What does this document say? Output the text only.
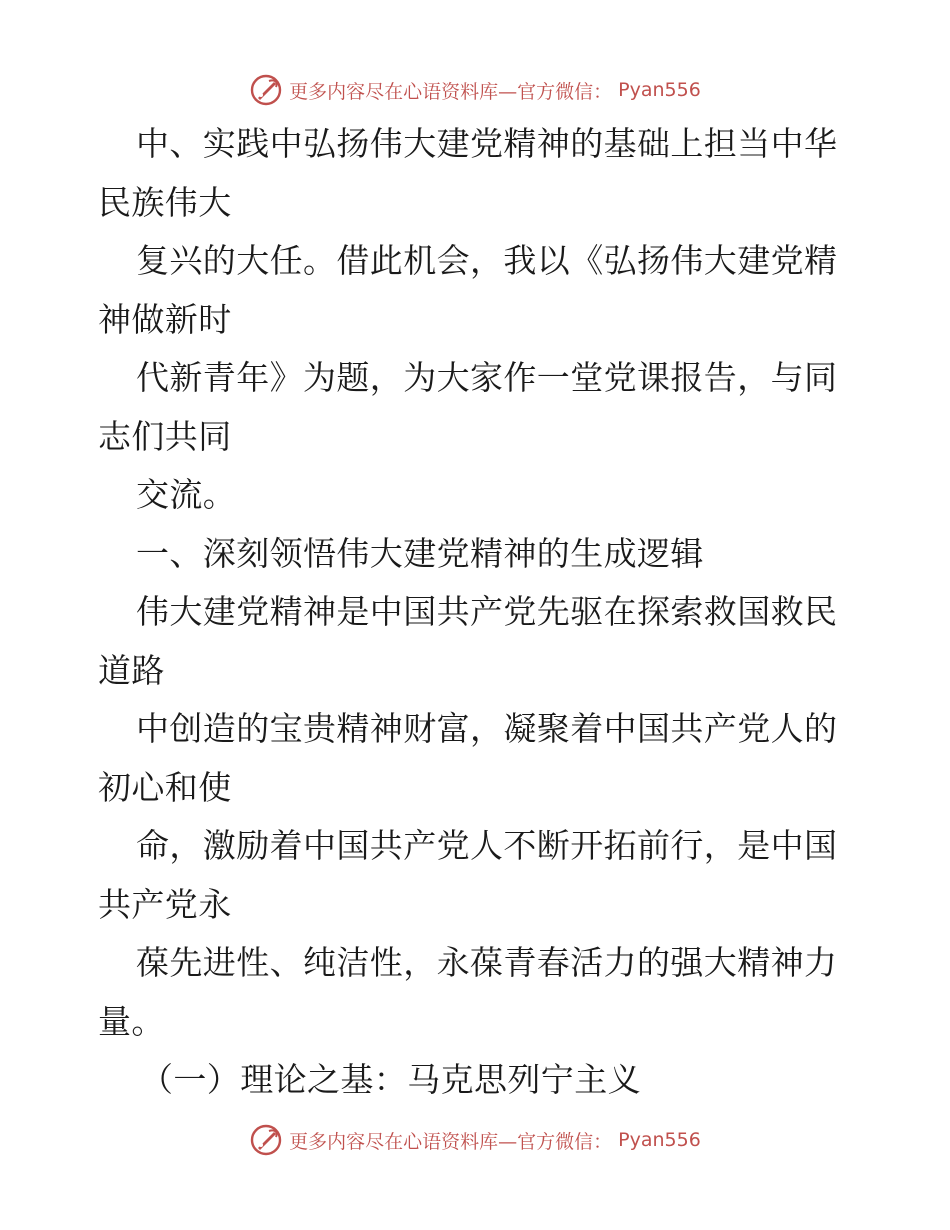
更多内容尽在心语资料库—官方微信： Pyan556
中、实践中弘扬伟大建党精神的基础上担当中华
民族伟大
复兴的大任。借此机会，我以《弘扬伟大建党精
神做新时
代新青年》为题，为大家作一堂党课报告，与同
志们共同
交流。
一、深刻领悟伟大建党精神的生成逻辑
伟大建党精神是中国共产党先驱在探索救国救民
道路
中创造的宝贵精神财富，凝聚着中国共产党人的
初心和使
命，激励着中国共产党人不断开拓前行，是中国
共产党永
葆先进性、纯洁性，永葆青春活力的强大精神力
量。
（一）理论之基：马克思列宁主义
更多内容尽在心语资料库—官方微信： Pyan556
